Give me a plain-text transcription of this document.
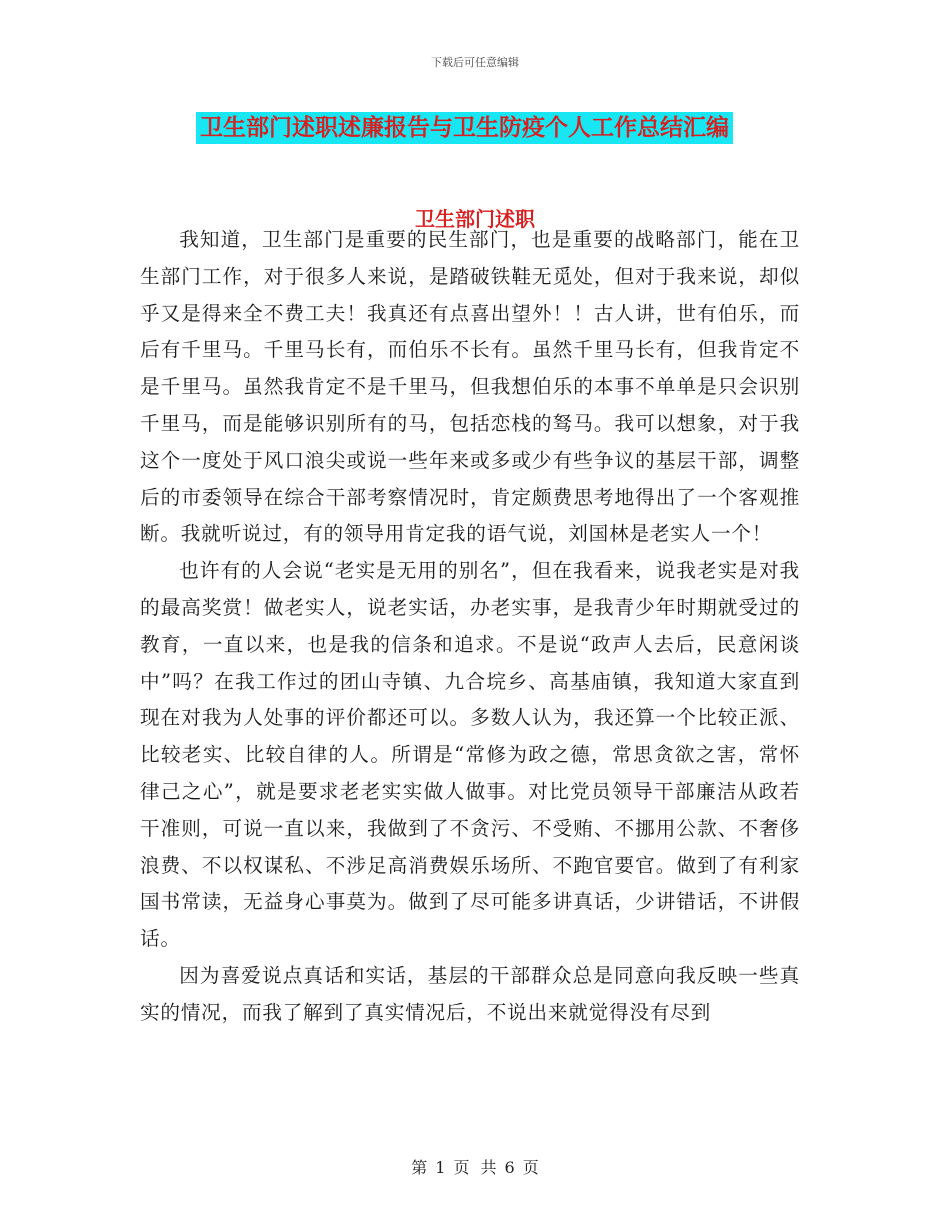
下载后可任意编辑
卫生部门述职述廉报告与卫生防疫个人工作总结汇编
卫生部门述职

我知道，卫生部门是重要的民生部门，也是重要的战略部门，能在卫生部门工作，对于很多人来说，是踏破铁鞋无觅处，但对于我来说，却似乎又是得来全不费工夫！我真还有点喜出望外！！古人讲，世有伯乐，而后有千里马。千里马长有，而伯乐不长有。虽然千里马长有，但我肯定不是千里马。虽然我肯定不是千里马，但我想伯乐的本事不单单是只会识别千里马，而是能够识别所有的马，包括恋栈的驽马。我可以想象，对于我这个一度处于风口浪尖或说一些年来或多或少有些争议的基层干部，调整后的市委领导在综合干部考察情况时，肯定颇费思考地得出了一个客观推断。我就听说过，有的领导用肯定我的语气说，刘国林是老实人一个！

也许有的人会说“老实是无用的别名”，但在我看来，说我老实是对我的最高奖赏！做老实人，说老实话，办老实事，是我青少年时期就受过的教育，一直以来，也是我的信条和追求。不是说“政声人去后，民意闲谈中”吗？在我工作过的团山寺镇、九合垸乡、高基庙镇，我知道大家直到现在对我为人处事的评价都还可以。多数人认为，我还算一个比较正派、比较老实、比较自律的人。所谓是“常修为政之德，常思贪欲之害，常怀律己之心”，就是要求老老实实做人做事。对比党员领导干部廉洁从政若干准则，可说一直以来，我做到了不贪污、不受贿、不挪用公款、不奢侈浪费、不以权谋私、不涉足高消费娱乐场所、不跑官要官。做到了有利家国书常读，无益身心事莫为。做到了尽可能多讲真话，少讲错话，不讲假话。

因为喜爱说点真话和实话，基层的干部群众总是同意向我反映一些真实的情况，而我了解到了真实情况后，不说出来就觉得没有尽到

第 1 页 共 6 页
